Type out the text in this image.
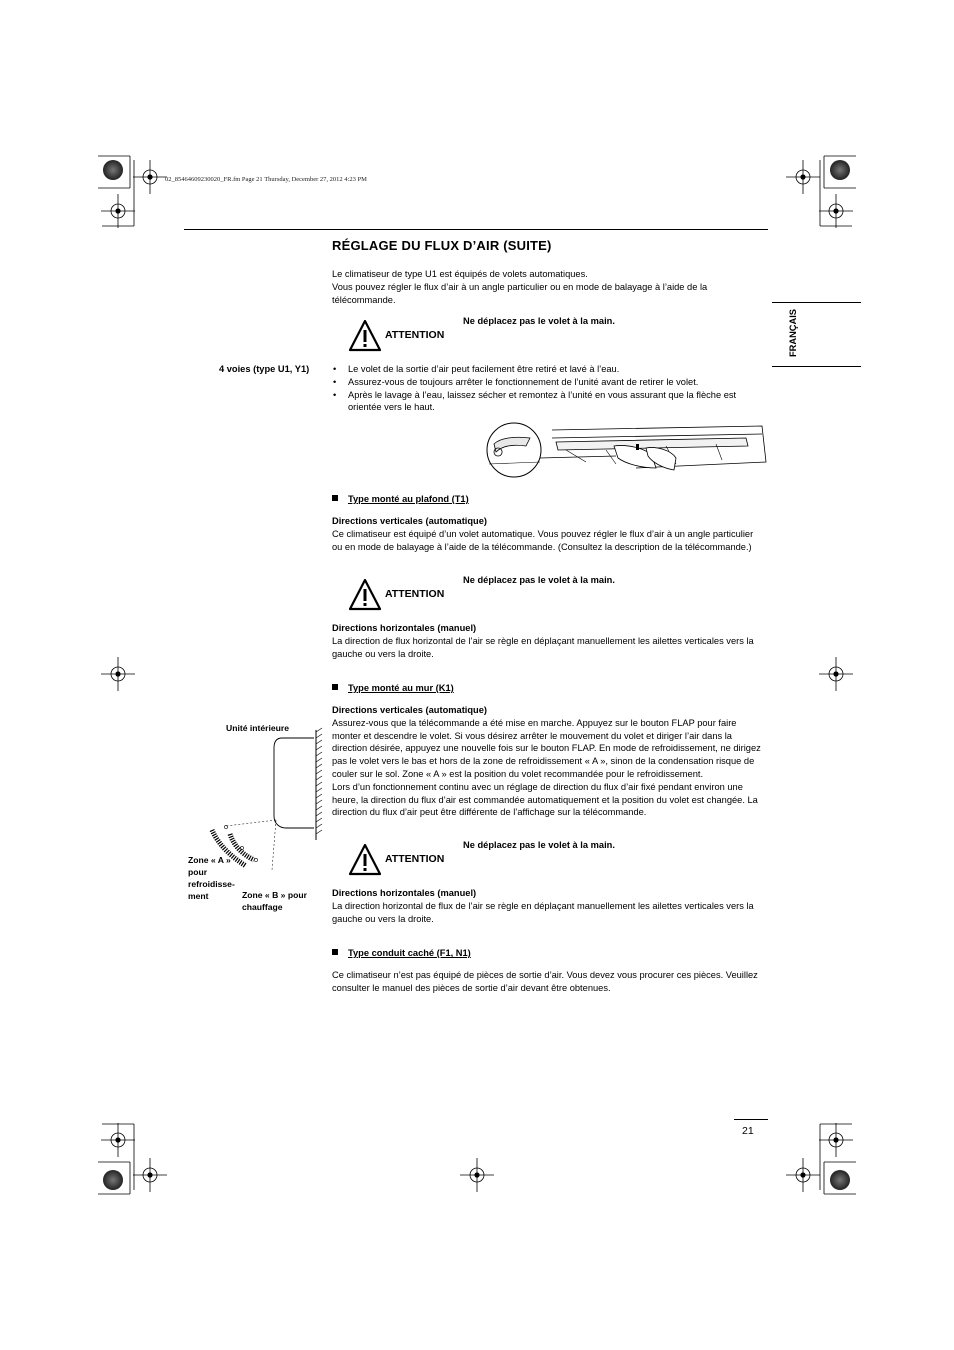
02_85464609230020_FR.fm Page 21 Thursday, December 27, 2012 4:23 PM
FRANÇAIS
RÉGLAGE DU FLUX D’AIR (SUITE)
Le climatiseur de type U1 est équipés de volets automatiques.
Vous pouvez régler le flux d’air à un angle particulier ou en mode de balayage à l’aide de la télécommande.
ATTENTION
Ne déplacez pas le volet à la main.
4 voies (type U1, Y1)
•	Le volet de la sortie d’air peut facilement être retiré et lavé à l’eau.
• Assurez-vous de toujours arrêter le fonctionnement de l’unité avant de retirer le volet.
• Après le lavage à l’eau, laissez sécher et remontez à l’unité en vous assurant que la flèche est orientée vers le haut.
Type monté au plafond (T1)
Directions verticales (automatique)
Ce climatiseur est équipé d’un volet automatique. Vous pouvez régler le flux d’air à un angle particulier ou en mode de balayage à l’aide de la télécommande. (Consultez la description de la télécommande.)
ATTENTION
Ne déplacez pas le volet à la main.
Directions horizontales (manuel)
La direction de flux horizontal de l’air se règle en déplaçant manuellement les ailettes verticales vers la gauche ou vers la droite.
Type monté au mur (K1)
Directions verticales (automatique)
Assurez-vous que la télécommande a été mise en marche. Appuyez sur le bouton FLAP pour faire monter et descendre le volet. Si vous désirez arrêter le mouvement du volet et diriger l’air dans la direction désirée, appuyez une nouvelle fois sur le bouton FLAP. En mode de refroidissement, ne dirigez pas le volet vers le bas et hors de la zone de refroidissement « A », sinon de la condensation risque de couler sur le sol. Zone « A » est la position du volet recommandée pour le refroidissement.
Lors d’un fonctionnement continu avec un réglage de direction du flux d’air fixé pendant environ une heure, la direction du flux d’air est commandée automatiquement et la position du volet est changée. La direction du flux d’air peut être différente de l’affichage sur la télécommande.
Unité intérieure
Zone « A » pour refroidisse-ment	Zone « B » pour chauffage
ATTENTION
Ne déplacez pas le volet à la main.
Directions horizontales (manuel)
La direction horizontal de flux de l’air se règle en déplaçant manuellement les ailettes verticales vers la gauche ou vers la droite.
Type conduit caché (F1, N1)
Ce climatiseur n’est pas équipé de pièces de sortie d’air. Vous devez vous procurer ces pièces. Veuillez consulter le manuel des pièces de sortie d’air devant être obtenues.
21
